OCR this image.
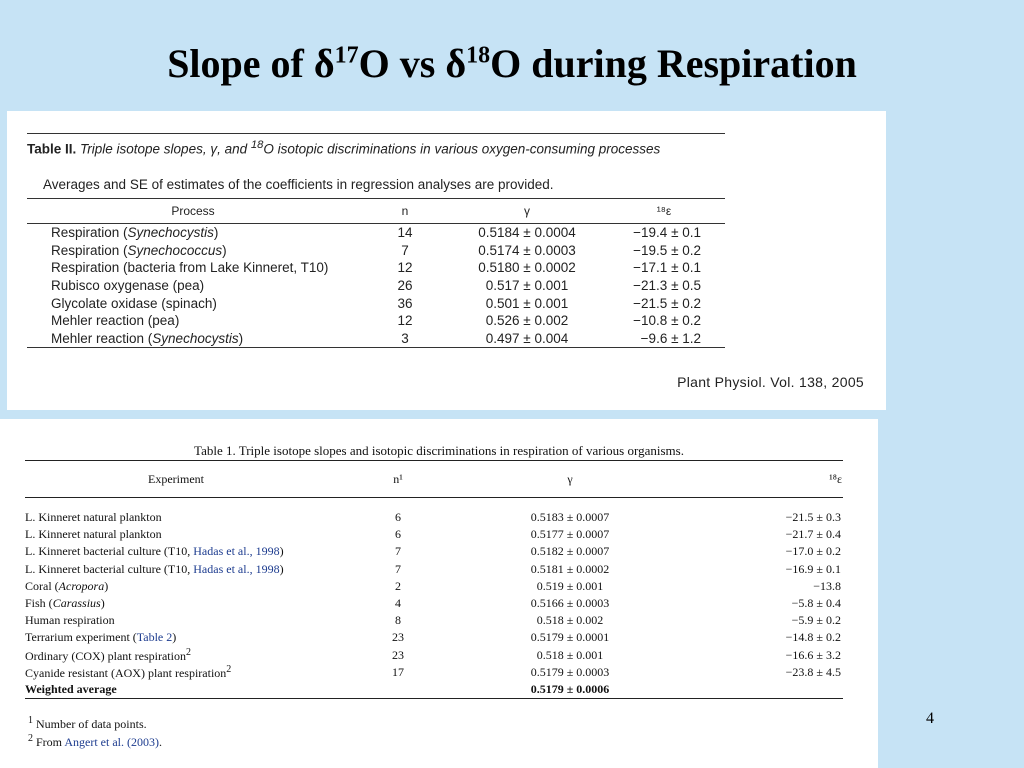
Slope of $\delta^{17}O$ vs $\delta^{18}O$ during Respiration
Table II. Triple isotope slopes, γ, and $^{18}$O isotopic discriminations in various oxygen-consuming processes
Averages and SE of estimates of the coefficients in regression analyses are provided.
Process	n	γ	¹⁸ε
Respiration (Synechocystis)	14	0.5184 ± 0.0004	−19.4 ± 0.1
Respiration (Synechococcus)	7	0.5174 ± 0.0003	−19.5 ± 0.2
Respiration (bacteria from Lake Kinneret, T10)	12	0.5180 ± 0.0002	−17.1 ± 0.1
Rubisco oxygenase (pea)	26	0.517 ± 0.001	−21.3 ± 0.5
Glycolate oxidase (spinach)	36	0.501 ± 0.001	−21.5 ± 0.2
Mehler reaction (pea)	12	0.526 ± 0.002	−10.8 ± 0.2
Mehler reaction (Synechocystis)	3	0.497 ± 0.004	−9.6 ± 1.2
Plant Physiol. Vol. 138, 2005
Table 1. Triple isotope slopes and isotopic discriminations in respiration of various organisms.
Experiment	n¹	γ	¹⁸ε

L. Kinneret natural plankton	6	0.5183 ± 0.0007	−21.5 ± 0.3
L. Kinneret natural plankton	6	0.5177 ± 0.0007	−21.7 ± 0.4
L. Kinneret bacterial culture (T10, Hadas et al., 1998)	7	0.5182 ± 0.0007	−17.0 ± 0.2
L. Kinneret bacterial culture (T10, Hadas et al., 1998)	7	0.5181 ± 0.0002	−16.9 ± 0.1
Coral (Acropora)	2	0.519 ± 0.001	−13.8
Fish (Carassius)	4	0.5166 ± 0.0003	−5.8 ± 0.4
Human respiration	8	0.518 ± 0.002	−5.9 ± 0.2
Terrarium experiment (Table 2)	23	0.5179 ± 0.0001	−14.8 ± 0.2
Ordinary (COX) plant respiration$^2$	23	0.518 ± 0.001	−16.6 ± 3.2
Cyanide resistant (AOX) plant respiration$^2$	17	0.5179 ± 0.0003	−23.8 ± 4.5
Weighted average		0.5179 ± 0.0006	
$^1$ Number of data points.
$^2$ From Angert et al. (2003).
4
